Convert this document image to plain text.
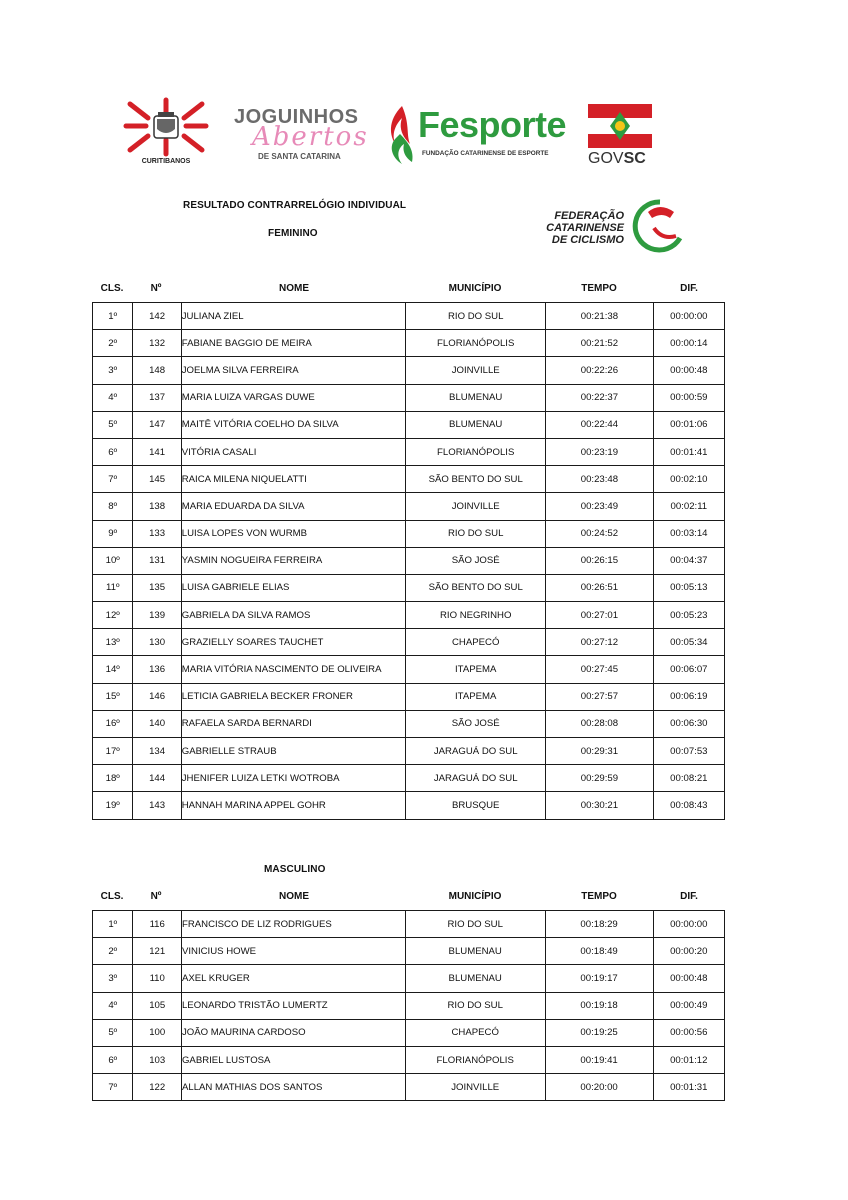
CURITIBANOS
JOGUINHOS
Abertos
DE SANTA CATARINA
Fesporte
FUNDAÇÃO CATARINENSE DE ESPORTE GOVSC
FEDERAÇÃO
CATARINENSE
DE CICLISMO
RESULTADO CONTRARRELÓGIO INDIVIDUAL
FEMININO
CLS.	Nº	NOME	MUNICÍPIO	TEMPO	DIF.
1º	142	JULIANA ZIEL	RIO DO SUL	00:21:38	00:00:00
2º	132	FABIANE BAGGIO DE MEIRA	FLORIANÓPOLIS	00:21:52	00:00:14
3º	148	JOELMA SILVA FERREIRA	JOINVILLE	00:22:26	00:00:48
4º	137	MARIA LUIZA VARGAS DUWE	BLUMENAU	00:22:37	00:00:59
5º	147	MAITÊ VITÓRIA COELHO DA SILVA	BLUMENAU	00:22:44	00:01:06
6º	141	VITÓRIA CASALI	FLORIANÓPOLIS	00:23:19	00:01:41
7º	145	RAICA MILENA NIQUELATTI	SÃO BENTO DO SUL	00:23:48	00:02:10
8º	138	MARIA EDUARDA DA SILVA	JOINVILLE	00:23:49	00:02:11
9º	133	LUISA LOPES VON WURMB	RIO DO SUL	00:24:52	00:03:14
10º	131	YASMIN NOGUEIRA FERREIRA	SÃO JOSÉ	00:26:15	00:04:37
11º	135	LUISA GABRIELE ELIAS	SÃO BENTO DO SUL	00:26:51	00:05:13
12º	139	GABRIELA DA SILVA RAMOS	RIO NEGRINHO	00:27:01	00:05:23
13º	130	GRAZIELLY SOARES TAUCHET	CHAPECÓ	00:27:12	00:05:34
14º	136	MARIA VITÓRIA NASCIMENTO DE OLIVEIRA	ITAPEMA	00:27:45	00:06:07
15º	146	LETICIA GABRIELA BECKER FRONER	ITAPEMA	00:27:57	00:06:19
16º	140	RAFAELA SARDA BERNARDI	SÃO JOSÉ	00:28:08	00:06:30
17º	134	GABRIELLE STRAUB	JARAGUÁ DO SUL	00:29:31	00:07:53
18º	144	JHENIFER LUIZA LETKI WOTROBA	JARAGUÁ DO SUL	00:29:59	00:08:21
19º	143	HANNAH MARINA APPEL GOHR	BRUSQUE	00:30:21	00:08:43
MASCULINO
CLS.	Nº	NOME	MUNICÍPIO	TEMPO	DIF.
1º	116	FRANCISCO DE LIZ RODRIGUES	RIO DO SUL	00:18:29	00:00:00
2º	121	VINICIUS HOWE	BLUMENAU	00:18:49	00:00:20
3º	110	AXEL KRUGER	BLUMENAU	00:19:17	00:00:48
4º	105	LEONARDO TRISTÃO LUMERTZ	RIO DO SUL	00:19:18	00:00:49
5º	100	JOÃO MAURINA CARDOSO	CHAPECÓ	00:19:25	00:00:56
6º	103	GABRIEL LUSTOSA	FLORIANÓPOLIS	00:19:41	00:01:12
7º	122	ALLAN MATHIAS DOS SANTOS	JOINVILLE	00:20:00	00:01:31
